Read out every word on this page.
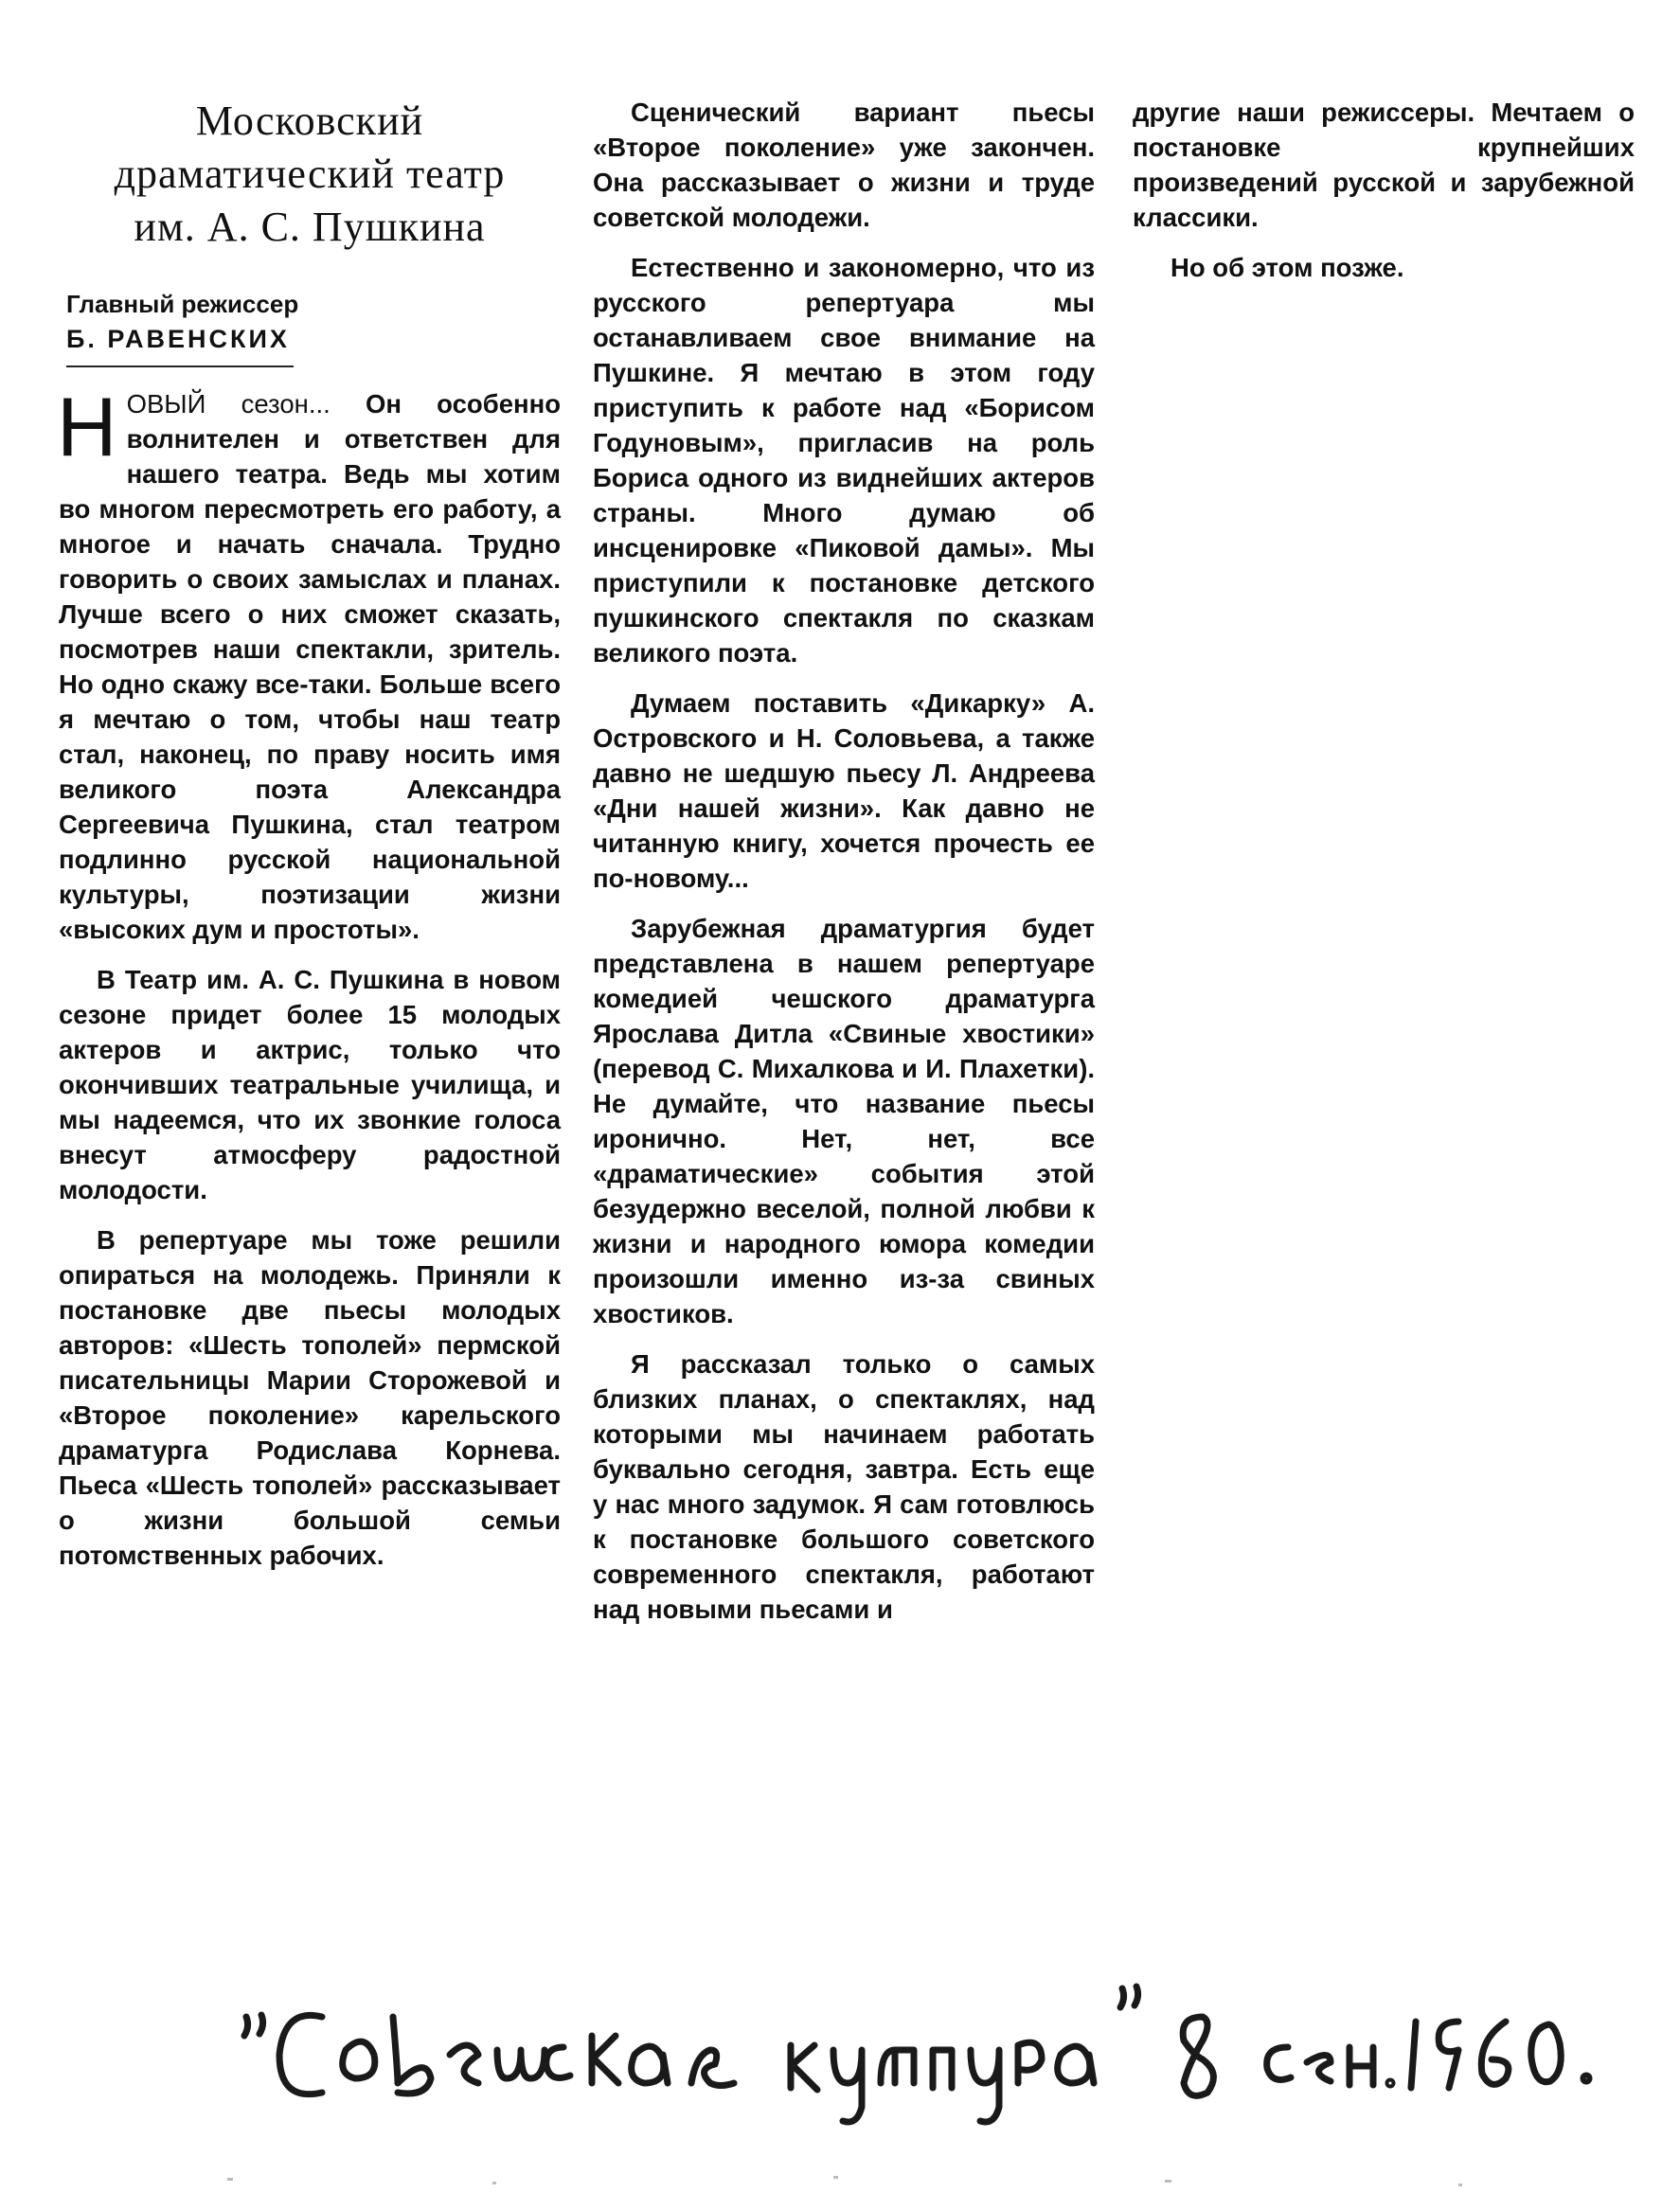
Московский
драматический театр
им. А. С. Пушкина
Главный режиссер
Б. РАВЕНСКИХ

НОВЫЙ сезон... Он особенно волнителен и ответствен для нашего театра. Ведь мы хотим во многом пересмотреть его работу, а многое и начать сначала. Трудно говорить о своих замыслах и планах. Лучше всего о них сможет сказать, посмотрев наши спектакли, зритель. Но одно скажу все-таки. Больше всего я мечтаю о том, чтобы наш театр стал, наконец, по праву носить имя великого поэта Александра Сергеевича Пушкина, стал театром подлинно русской национальной культуры, поэтизации жизни «высоких дум и простоты».

В Театр им. А. С. Пушкина в новом сезоне придет более 15 молодых актеров и актрис, только что окончивших театральные училища, и мы надеемся, что их звонкие голоса внесут атмосферу радостной молодости.

В репертуаре мы тоже решили опираться на молодежь. Приняли к постановке две пьесы молодых авторов: «Шесть тополей» пермской писательницы Марии Сторожевой и «Второе поколение» карельского драматурга Родислава Корнева. Пьеса «Шесть тополей» рассказывает о жизни большой семьи потомственных рабочих.

Сценический вариант пьесы «Второе поколение» уже закончен. Она рассказывает о жизни и труде советской молодежи.

Естественно и закономерно, что из русского репертуара мы останавливаем свое внимание на Пушкине. Я мечтаю в этом году приступить к работе над «Борисом Годуновым», пригласив на роль Бориса одного из виднейших актеров страны. Много думаю об инсценировке «Пиковой дамы». Мы приступили к постановке детского пушкинского спектакля по сказкам великого поэта.

Думаем поставить «Дикарку» А. Островского и Н. Соловьева, а также давно не шедшую пьесу Л. Андреева «Дни нашей жизни». Как давно не читанную книгу, хочется прочесть ее по-новому...

Зарубежная драматургия будет представлена в нашем репертуаре комедией чешского драматурга Ярослава Дитла «Свиные хвостики» (перевод С. Михалкова и И. Плахетки). Не думайте, что название пьесы иронично. Нет, нет, все «драматические» события этой безудержно веселой, полной любви к жизни и народного юмора комедии произошли именно из-за свиных хвостиков.

Я рассказал только о самых близких планах, о спектаклях, над которыми мы начинаем работать буквально сегодня, завтра. Есть еще у нас много задумок. Я сам готовлюсь к постановке большого советского современного спектакля, работают над новыми пьесами и

другие наши режиссеры. Мечтаем о постановке крупнейших произведений русской и зарубежной классики.

Но об этом позже.
